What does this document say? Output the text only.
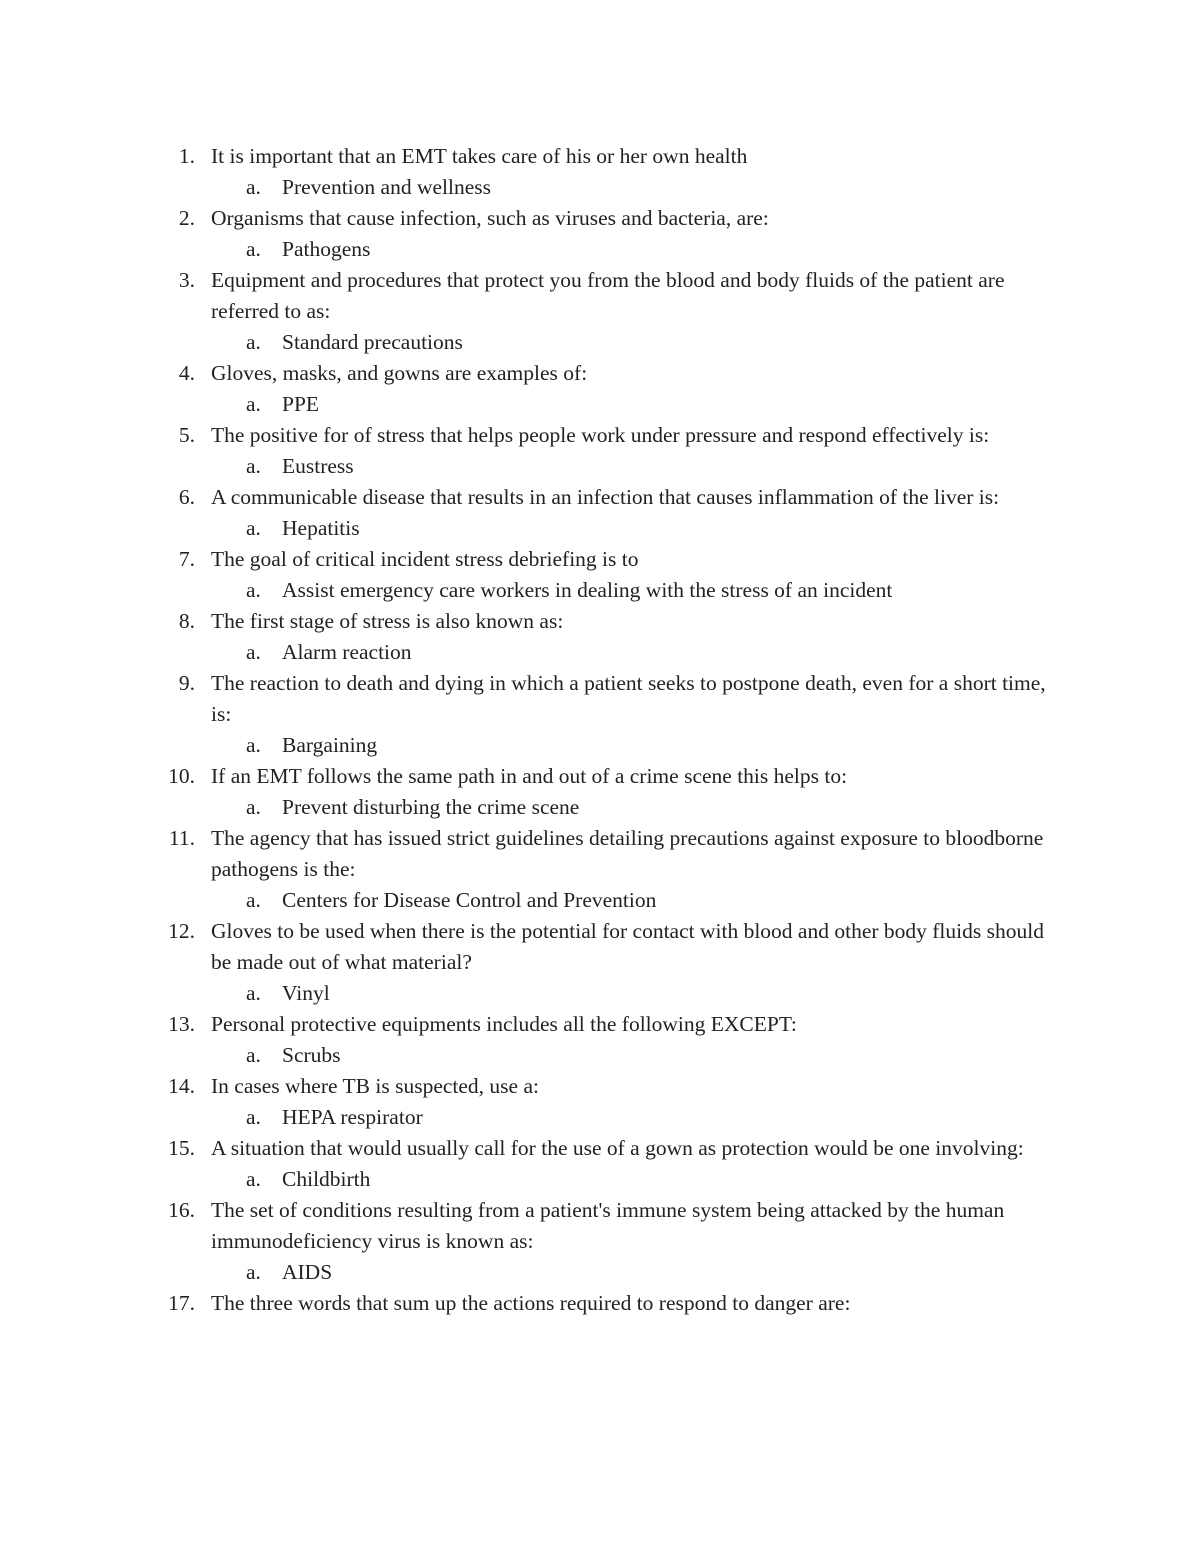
1. It is important that an EMT takes care of his or her own health
a. Prevention and wellness
2. Organisms that cause infection, such as viruses and bacteria, are:
a. Pathogens
3. Equipment and procedures that protect you from the blood and body fluids of the patient are referred to as:
a. Standard precautions
4. Gloves, masks, and gowns are examples of:
a. PPE
5. The positive for of stress that helps people work under pressure and respond effectively is:
a. Eustress
6. A communicable disease that results in an infection that causes inflammation of the liver is:
a. Hepatitis
7. The goal of critical incident stress debriefing is to
a. Assist emergency care workers in dealing with the stress of an incident
8. The first stage of stress is also known as:
a. Alarm reaction
9. The reaction to death and dying in which a patient seeks to postpone death, even for a short time, is:
a. Bargaining
10. If an EMT follows the same path in and out of a crime scene this helps to:
a. Prevent disturbing the crime scene
11. The agency that has issued strict guidelines detailing precautions against exposure to bloodborne pathogens is the:
a. Centers for Disease Control and Prevention
12. Gloves to be used when there is the potential for contact with blood and other body fluids should be made out of what material?
a. Vinyl
13. Personal protective equipments includes all the following EXCEPT:
a. Scrubs
14. In cases where TB is suspected, use a:
a. HEPA respirator
15. A situation that would usually call for the use of a gown as protection would be one involving:
a. Childbirth
16. The set of conditions resulting from a patient's immune system being attacked by the human immunodeficiency virus is known as:
a. AIDS
17. The three words that sum up the actions required to respond to danger are:
